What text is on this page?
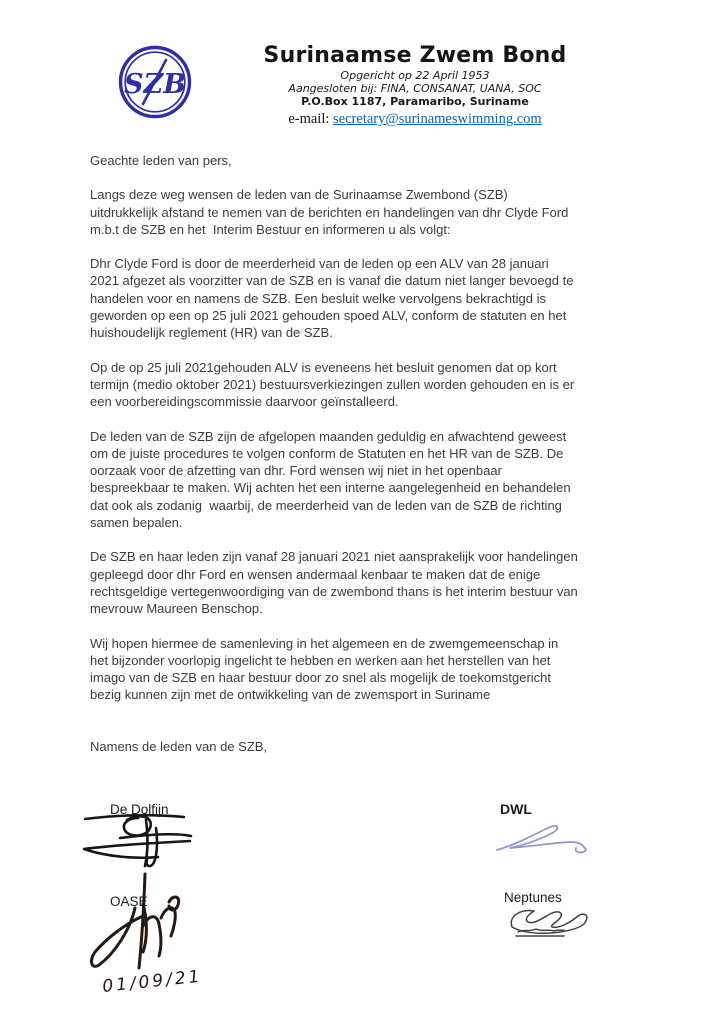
SZB
Surinaamse Zwem Bond
Opgericht op 22 April 1953
Aangesloten bij: FINA, CONSANAT, UANA, SOC
P.O.Box 1187, Paramaribo, Suriname
e-mail: secretary@surinameswimming.com

Geachte leden van pers,

Langs deze weg wensen de leden van de Surinaamse Zwembond (SZB)
uitdrukkelijk afstand te nemen van de berichten en handelingen van dhr Clyde Ford
m.b.t de SZB en het  Interim Bestuur en informeren u als volgt:

Dhr Clyde Ford is door de meerderheid van de leden op een ALV van 28 januari
2021 afgezet als voorzitter van de SZB en is vanaf die datum niet langer bevoegd te
handelen voor en namens de SZB. Een besluit welke vervolgens bekrachtigd is
geworden op een op 25 juli 2021 gehouden spoed ALV, conform de statuten en het
huishoudelijk reglement (HR) van de SZB.

Op de op 25 juli 2021gehouden ALV is eveneens het besluit genomen dat op kort
termijn (medio oktober 2021) bestuursverkiezingen zullen worden gehouden en is er
een voorbereidingscommissie daarvoor geïnstalleerd.

De leden van de SZB zijn de afgelopen maanden geduldig en afwachtend geweest
om de juiste procedures te volgen conform de Statuten en het HR van de SZB. De
oorzaak voor de afzetting van dhr. Ford wensen wij niet in het openbaar
bespreekbaar te maken. Wij achten het een interne aangelegenheid en behandelen
dat ook als zodanig  waarbij, de meerderheid van de leden van de SZB de richting
samen bepalen.

De SZB en haar leden zijn vanaf 28 januari 2021 niet aansprakelijk voor handelingen
gepleegd door dhr Ford en wensen andermaal kenbaar te maken dat de enige
rechtsgeldige vertegenwoordiging van de zwembond thans is het interim bestuur van
mevrouw Maureen Benschop.

Wij hopen hiermee de samenleving in het algemeen en de zwemgemeenschap in
het bijzonder voorlopig ingelicht te hebben en werken aan het herstellen van het
imago van de SZB en haar bestuur door zo snel als mogelijk de toekomstgericht
bezig kunnen zijn met de ontwikkeling van de zwemsport in Suriname

Namens de leden van de SZB,

De Dolfijn	DWL
OASE	Neptunes
01/09/21
